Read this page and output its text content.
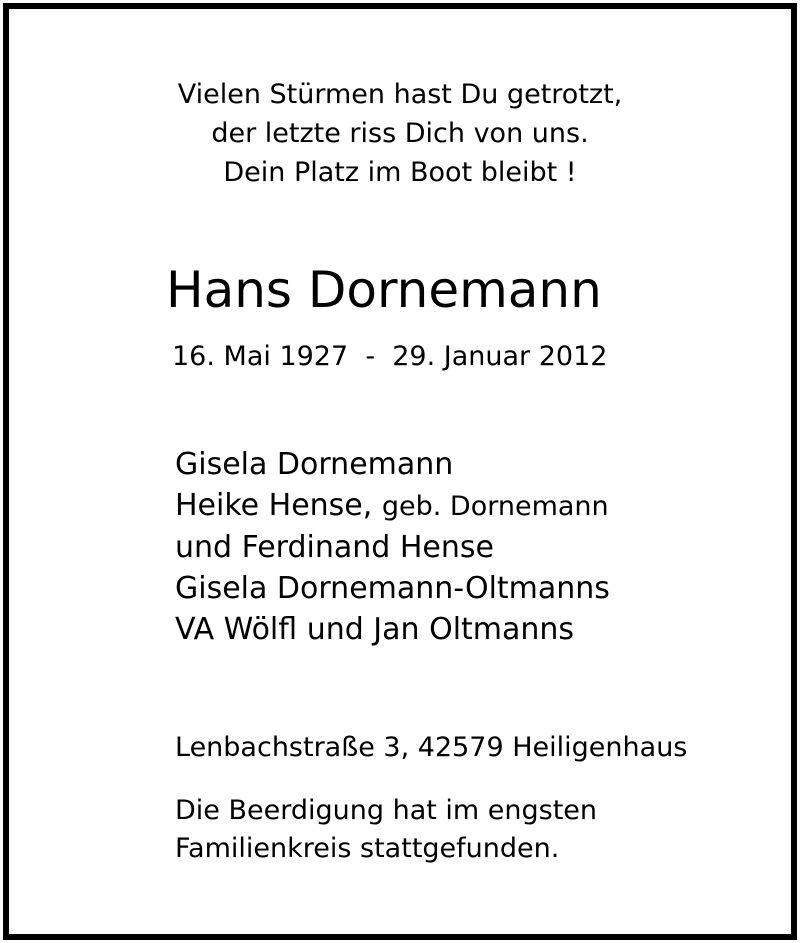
Vielen Stürmen hast Du getrotzt,
der letzte riss Dich von uns.
Dein Platz im Boot bleibt !
Hans Dornemann
16. Mai 1927  -  29. Januar 2012
Gisela Dornemann
Heike Hense, geb. Dornemann
und Ferdinand Hense
Gisela Dornemann-Oltmanns
VA Wölfl und Jan Oltmanns
Lenbachstraße 3, 42579 Heiligenhaus
Die Beerdigung hat im engsten
Familienkreis stattgefunden.
